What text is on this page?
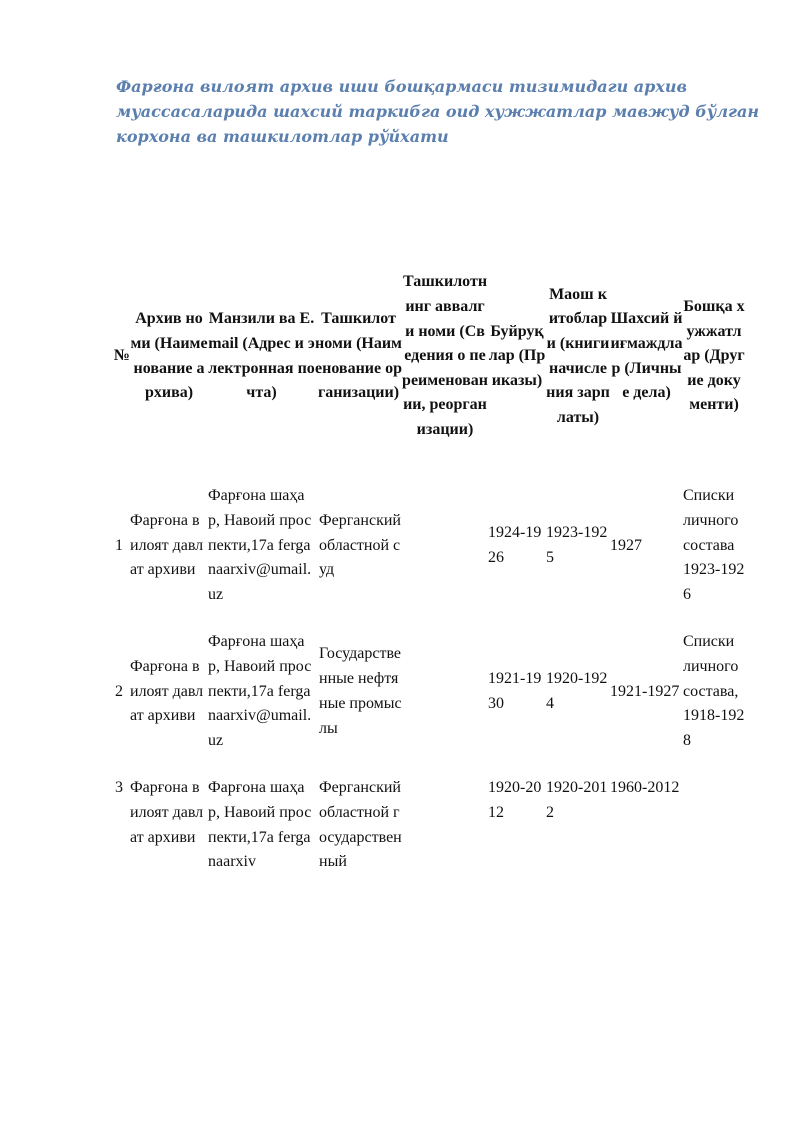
Фарғона вилоят архив иши бошқармаси тизимидаги архив
муассасаларида шахсий таркибга оид хужжатлар мавжуд бўлган
корхона ва ташкилотлар рўйхати
№	Архив номи (Наименование архива)	Манзили ва E.mail (Адрес и электронная почта)	Ташкилот номи (Наименование организации)	Ташкилотнинг аввалги номи (Сведения о переименовании, реорганизации)	Буйруқлар (Приказы)	Маош китоблари (книги начисления зарплаты)	Шахсий йиғмаждлар (Личные дела)	Бошқа хужжатлар (Другие документи)
1	Фарғона вилоят давлат архиви	Фарғона шаҳар, Навоий проспекти,17а ferganaarxiv@umail.uz	Ферганский областной суд		1924-1926	1923-1925	1927	Списки личного состава 1923-1926
2	Фарғона вилоят давлат архиви	Фарғона шаҳар, Навоий проспекти,17а ferganaarxiv@umail.uz	Государственные нефтяные промыслы		1921-1930	1920-1924	1921-1927	Списки личного состава, 1918-1928
3	Фарғона вилоят давлат архиви	Фарғона шаҳар, Навоий проспекти,17а ferganaarxiv	Ферганский областной государственный		1920-2012	1920-2012	1960-2012	
